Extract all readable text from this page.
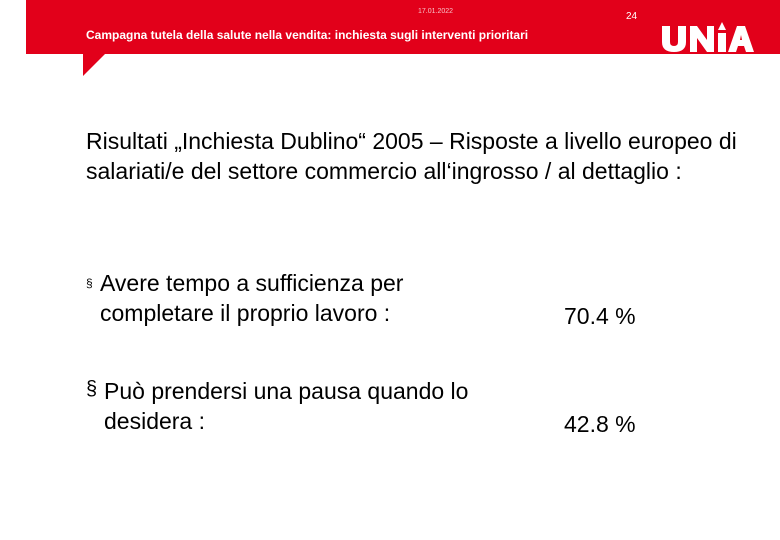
17.01.2022	24
Campagna tutela della salute nella vendita: inchiesta sugli interventi prioritari
Risultati „Inchiesta Dublino“ 2005 – Risposte a livello europeo di salariati/e del settore commercio all‘ingrosso / al dettaglio :
§ Avere tempo a sufficienza per completare il proprio lavoro :	70.4 %
§ Può prendersi una pausa quando lo desidera :	42.8 %
